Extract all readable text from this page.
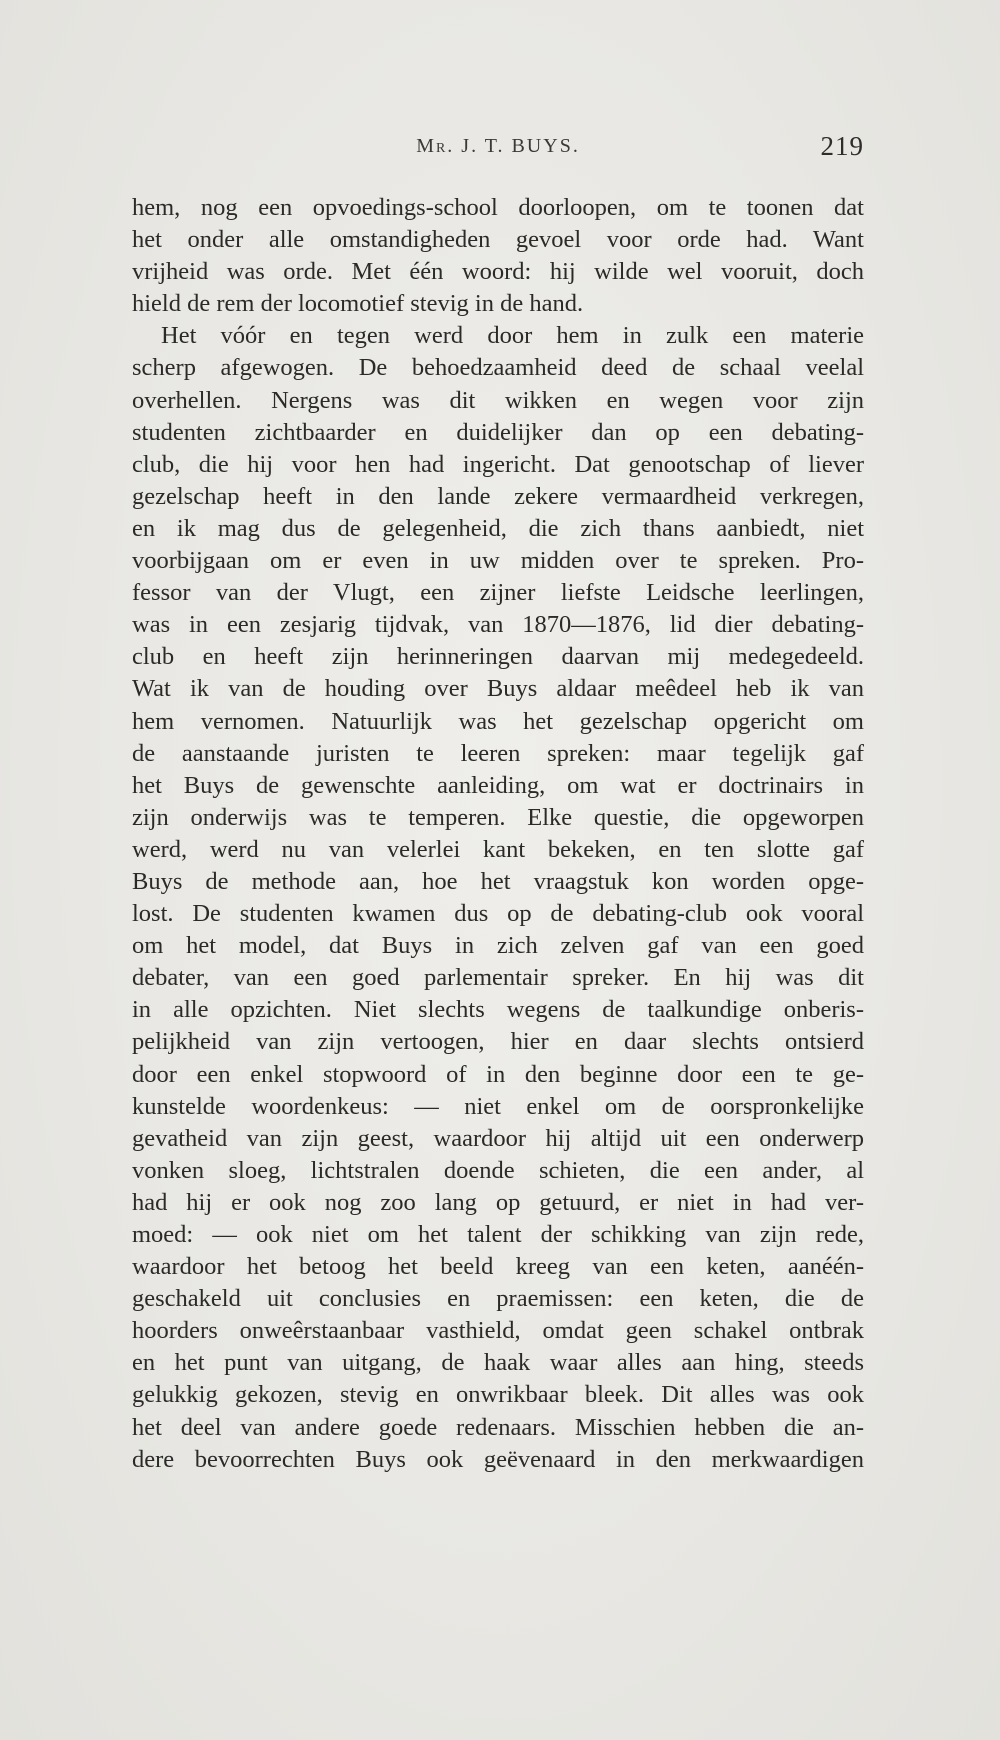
Mr. J. T. BUYS.	219
hem, nog een opvoedings-school doorloopen, om te toonen dat
het onder alle omstandigheden gevoel voor orde had. Want
vrijheid was orde. Met één woord: hij wilde wel vooruit, doch
hield de rem der locomotief stevig in de hand.
Het vóór en tegen werd door hem in zulk een materie
scherp afgewogen. De behoedzaamheid deed de schaal veelal
overhellen. Nergens was dit wikken en wegen voor zijn
studenten zichtbaarder en duidelijker dan op een debating-
club, die hij voor hen had ingericht. Dat genootschap of liever
gezelschap heeft in den lande zekere vermaardheid verkregen,
en ik mag dus de gelegenheid, die zich thans aanbiedt, niet
voorbijgaan om er even in uw midden over te spreken. Pro-
fessor van der Vlugt, een zijner liefste Leidsche leerlingen,
was in een zesjarig tijdvak, van 1870—1876, lid dier debating-
club en heeft zijn herinneringen daarvan mij medegedeeld.
Wat ik van de houding over Buys aldaar meêdeel heb ik van
hem vernomen. Natuurlijk was het gezelschap opgericht om
de aanstaande juristen te leeren spreken: maar tegelijk gaf
het Buys de gewenschte aanleiding, om wat er doctrinairs in
zijn onderwijs was te temperen. Elke questie, die opgeworpen
werd, werd nu van velerlei kant bekeken, en ten slotte gaf
Buys de methode aan, hoe het vraagstuk kon worden opge-
lost. De studenten kwamen dus op de debating-club ook vooral
om het model, dat Buys in zich zelven gaf van een goed
debater, van een goed parlementair spreker. En hij was dit
in alle opzichten. Niet slechts wegens de taalkundige onberis-
pelijkheid van zijn vertoogen, hier en daar slechts ontsierd
door een enkel stopwoord of in den beginne door een te ge-
kunstelde woordenkeus: — niet enkel om de oorspronkelijke
gevatheid van zijn geest, waardoor hij altijd uit een onderwerp
vonken sloeg, lichtstralen doende schieten, die een ander, al
had hij er ook nog zoo lang op getuurd, er niet in had ver-
moed: — ook niet om het talent der schikking van zijn rede,
waardoor het betoog het beeld kreeg van een keten, aanéén-
geschakeld uit conclusies en praemissen: een keten, die de
hoorders onweêrstaanbaar vasthield, omdat geen schakel ontbrak
en het punt van uitgang, de haak waar alles aan hing, steeds
gelukkig gekozen, stevig en onwrikbaar bleek. Dit alles was ook
het deel van andere goede redenaars. Misschien hebben die an-
dere bevoorrechten Buys ook geëvenaard in den merkwaardigen
